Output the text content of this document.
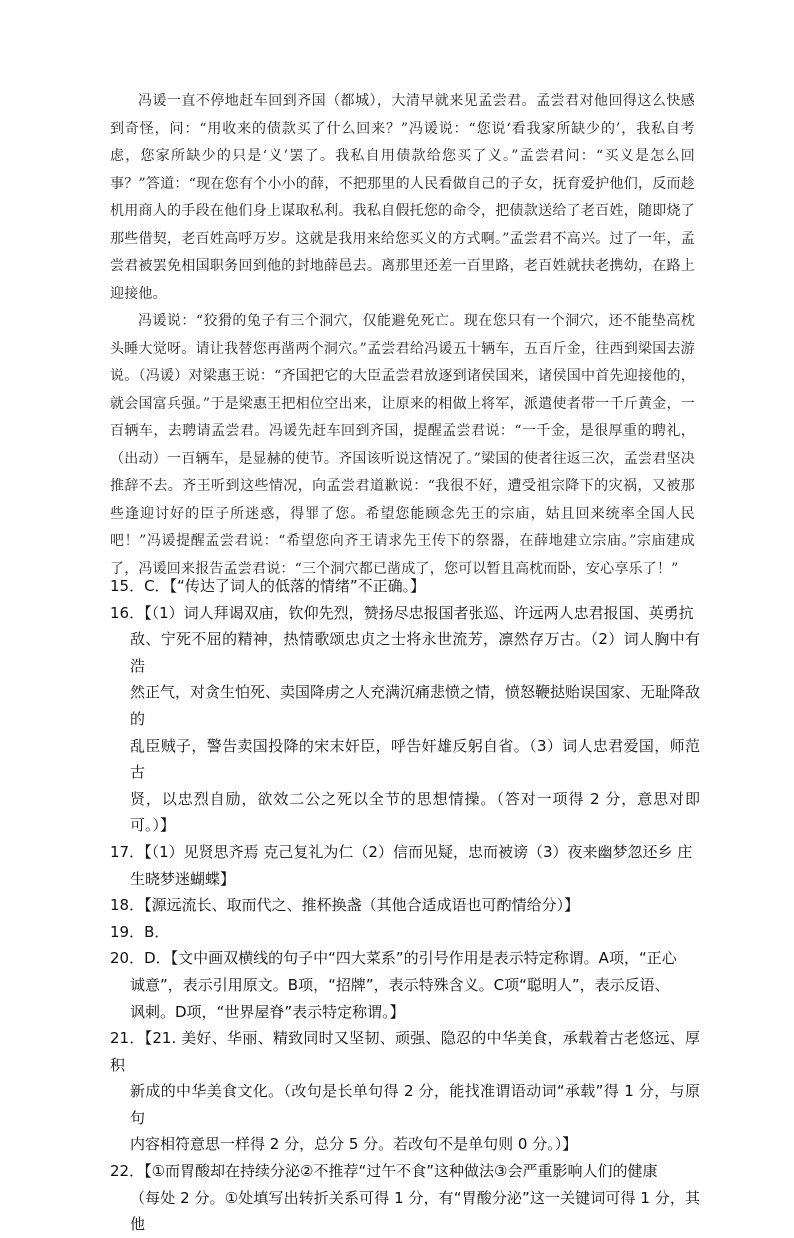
冯谖一直不停地赶车回到齐国（都城），大清早就来见孟尝君。孟尝君对他回得这么快感到奇怪，问：“用收来的债款买了什么回来？”冯谖说：“您说‘看我家所缺少的’，我私自考虑，您家所缺少的只是‘义’罢了。我私自用债款给您买了义。”孟尝君问：“买义是怎么回事？”答道：“现在您有个小小的薛，不把那里的人民看做自己的子女，抚育爱护他们，反而趁机用商人的手段在他们身上谋取私利。我私自假托您的命令，把债款送给了老百姓，随即烧了那些借契，老百姓高呼万岁。这就是我用来给您买义的方式啊。”孟尝君不高兴。过了一年，孟尝君被罢免相国职务回到他的封地薛邑去。离那里还差一百里路，老百姓就扶老携幼，在路上迎接他。

冯谖说：“狡猾的兔子有三个洞穴，仅能避免死亡。现在您只有一个洞穴，还不能垫高枕头睡大觉呀。请让我替您再凿两个洞穴。”孟尝君给冯谖五十辆车，五百斤金，往西到梁国去游说。（冯谖）对梁惠王说：“齐国把它的大臣孟尝君放逐到诸侯国来，诸侯国中首先迎接他的，就会国富兵强。”于是梁惠王把相位空出来，让原来的相做上将军，派遣使者带一千斤黄金，一百辆车，去聘请孟尝君。冯谖先赶车回到齐国，提醒孟尝君说：“一千金，是很厚重的聘礼，（出动）一百辆车，是显赫的使节。齐国该听说这情况了。”梁国的使者往返三次，孟尝君坚决推辞不去。齐王听到这些情况，向孟尝君道歉说：“我很不好，遭受祖宗降下的灾祸，又被那些逢迎讨好的臣子所迷惑，得罪了您。希望您能顾念先王的宗庙，姑且回来统率全国人民吧！”冯谖提醒孟尝君说：“希望您向齐王请求先王传下的祭器，在薛地建立宗庙。”宗庙建成了，冯谖回来报告孟尝君说：“三个洞穴都已凿成了，您可以暂且高枕而卧，安心享乐了！”

15．C．【“传达了词人的低落的情绪”不正确。】
16．【（1）词人拜谒双庙，钦仰先烈，赞扬尽忠报国者张巡、许远两人忠君报国、英勇抗
敌、宁死不屈的精神，热情歌颂忠贞之士将永世流芳，凛然存万古。（2）词人胸中有浩
然正气，对贪生怕死、卖国降虏之人充满沉痛悲愤之情，愤怒鞭挞贻误国家、无耻降敌的
乱臣贼子，警告卖国投降的宋末奸臣，呼告奸雄反躬自省。（3）词人忠君爱国，师范古
贤，以忠烈自励，欲效二公之死以全节的思想情操。（答对一项得 2 分，意思对即可。）】
17．【（1）见贤思齐焉 克己复礼为仁（2）信而见疑，忠而被谤（3）夜来幽梦忽还乡 庄
生晓梦迷蝴蝶】
18．【源远流长、取而代之、推杯换盏（其他合适成语也可酌情给分）】
19．B．
20．D．【文中画双横线的句子中“四大菜系”的引号作用是表示特定称谓。A项，“正心
诚意”，表示引用原文。B项，“招牌”，表示特殊含义。C项“聪明人”，表示反语、
讽刺。D项，“世界屋脊”表示特定称谓。】
21．【21. 美好、华丽、精致同时又坚韧、顽强、隐忍的中华美食，承载着古老悠远、厚积
新成的中华美食文化。（改句是长单句得 2 分，能找准谓语动词“承载”得 1 分，与原句
内容相符意思一样得 2 分，总分 5 分。若改句不是单句则 0 分。）】
22．【①而胃酸却在持续分泌②不推荐“过午不食”这种做法③会严重影响人们的健康
（每处 2 分。①处填写出转折关系可得 1 分，有“胃酸分泌”这一关键词可得 1 分，其他
